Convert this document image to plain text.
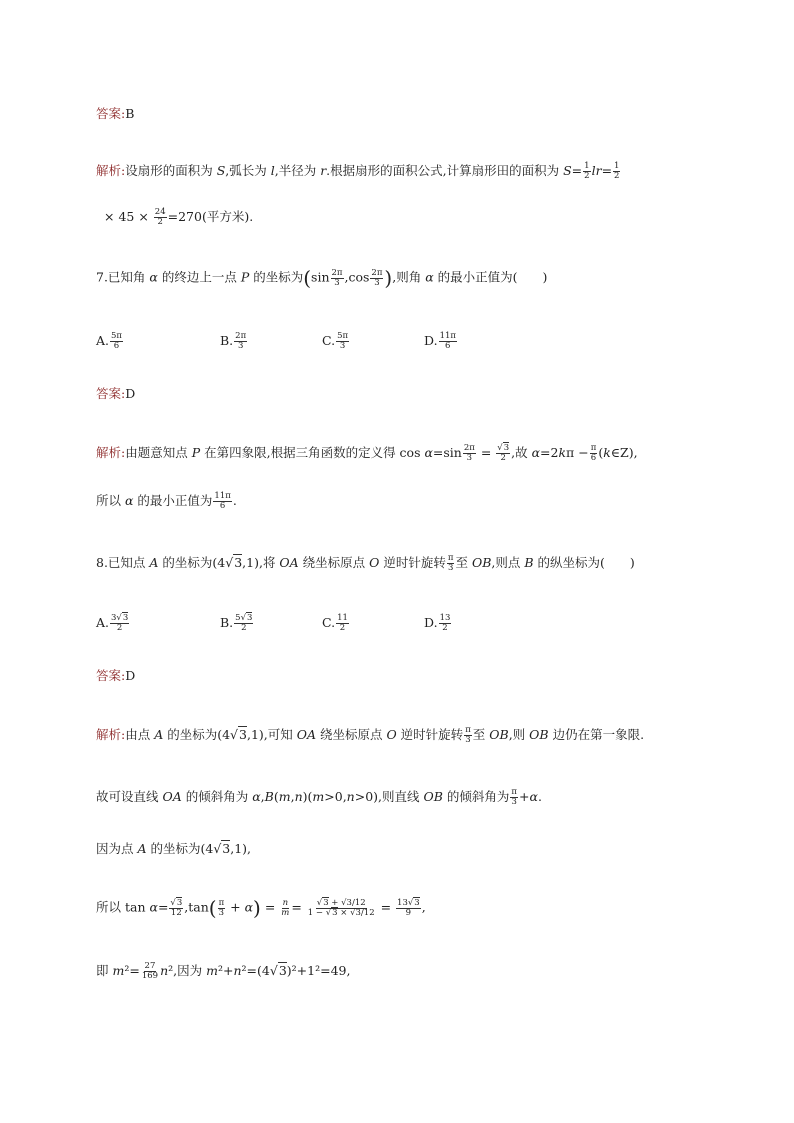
答案:B
解析:设扇形的面积为 S,弧长为 l,半径为 r.根据扇形的面积公式,计算扇形田的面积为 $S= \frac{1}{2} lr= \frac{1}{2}$
× $45 \times \frac{24}{2} =270$(平方米).
7.已知角 α 的终边上一点 P 的坐标为($\sin \frac{2\pi}{3} ,\cos \frac{2\pi}{3}$ ),则角 α 的最小正值为(　　)
A. $\frac{5\pi}{6}$	B. $\frac{2\pi}{3}$	C. $\frac{5\pi}{3}$	D. $\frac{11\pi}{6}$
答案:D
解析:由题意知点 P 在第四象限,根据三角函数的定义得 $\cos \alpha=\sin \frac{2\pi}{3} = \frac{√3}{2}$ ,故 $\alpha=2k\pi - \frac{\pi}{6}$ (k∈Z),
所以 α 的最小正值为 $\frac{11\pi}{6}$ .
8.已知点 A 的坐标为(4√3,1),将 OA 绕坐标原点 O 逆时针旋转 $\frac{\pi}{3}$ 至 OB,则点 B 的纵坐标为(　　)
A. $\frac{3√3}{2}$	B. $\frac{5√3}{2}$	C. $\frac{11}{2}$	D. $\frac{13}{2}$
答案:D
解析:由点 A 的坐标为(4√3,1),可知 OA 绕坐标原点 O 逆时针旋转 $\frac{\pi}{3}$ 至 OB,则 OB 边仍在第一象限.
故可设直线 OA 的倾斜角为 α,B(m,n)(m>0,n>0),则直线 OB 的倾斜角为 $\frac{\pi}{3} +\alpha$.
因为点 A 的坐标为(4√3,1),
所以 $\tan \alpha= \frac{√3}{12} ,\tan( \frac{\pi}{3} + \alpha) = \frac{n}{m} = \frac{√3 + √3/12}{1 - √3 \times √3/12} = \frac{13√3}{9}$ ,
即 $m^2= \frac{27}{169} n^2$,因为 m²+n²=(4√3)²+1²=49,
